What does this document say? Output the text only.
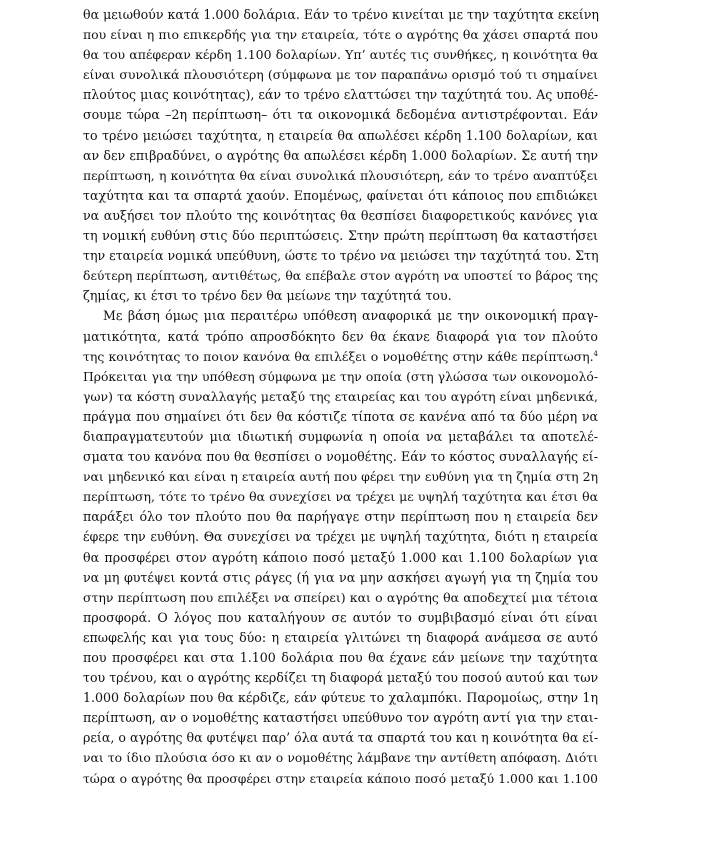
θα μειωθούν κατά 1.000 δολάρια. Εάν το τρένο κινείται με την ταχύτητα εκείνη
που είναι η πιο επικερδής για την εταιρεία, τότε ο αγρότης θα χάσει σπαρτά που
θα του απέφεραν κέρδη 1.100 δολαρίων. Υπ’ αυτές τις συνθήκες, η κοινότητα θα
είναι συνολικά πλουσιότερη (σύμφωνα με τον παραπάνω ορισμό τού τι σημαίνει
πλούτος μιας κοινότητας), εάν το τρένο ελαττώσει την ταχύτητά του. Ας υποθέ-
σουμε τώρα –2η περίπτωση– ότι τα οικονομικά δεδομένα αντιστρέφονται. Εάν
το τρένο μειώσει ταχύτητα, η εταιρεία θα απωλέσει κέρδη 1.100 δολαρίων, και
αν δεν επιβραδύνει, ο αγρότης θα απωλέσει κέρδη 1.000 δολαρίων. Σε αυτή την
περίπτωση, η κοινότητα θα είναι συνολικά πλουσιότερη, εάν το τρένο αναπτύξει
ταχύτητα και τα σπαρτά χαούν. Επομένως, φαίνεται ότι κάποιος που επιδιώκει
να αυξήσει τον πλούτο της κοινότητας θα θεσπίσει διαφορετικούς κανόνες για
τη νομική ευθύνη στις δύο περιπτώσεις. Στην πρώτη περίπτωση θα καταστήσει
την εταιρεία νομικά υπεύθυνη, ώστε το τρένο να μειώσει την ταχύτητά του. Στη
δεύτερη περίπτωση, αντιθέτως, θα επέβαλε στον αγρότη να υποστεί το βάρος της
ζημίας, κι έτσι το τρένο δεν θα μείωνε την ταχύτητά του.
Με βάση όμως μια περαιτέρω υπόθεση αναφορικά με την οικονομική πραγ-
ματικότητα, κατά τρόπο απροσδόκητο δεν θα έκανε διαφορά για τον πλούτο
της κοινότητας το ποιον κανόνα θα επιλέξει ο νομοθέτης στην κάθε περίπτωση.$^4$
Πρόκειται για την υπόθεση σύμφωνα με την οποία (στη γλώσσα των οικονομολό-
γων) τα κόστη συναλλαγής μεταξύ της εταιρείας και του αγρότη είναι μηδενικά,
πράγμα που σημαίνει ότι δεν θα κόστιζε τίποτα σε κανένα από τα δύο μέρη να
διαπραγματευτούν μια ιδιωτική συμφωνία η οποία να μεταβάλει τα αποτελέ-
σματα του κανόνα που θα θεσπίσει ο νομοθέτης. Εάν το κόστος συναλλαγής εί-
ναι μηδενικό και είναι η εταιρεία αυτή που φέρει την ευθύνη για τη ζημία στη 2η
περίπτωση, τότε το τρένο θα συνεχίσει να τρέχει με υψηλή ταχύτητα και έτσι θα
παράξει όλο τον πλούτο που θα παρήγαγε στην περίπτωση που η εταιρεία δεν
έφερε την ευθύνη. Θα συνεχίσει να τρέχει με υψηλή ταχύτητα, διότι η εταιρεία
θα προσφέρει στον αγρότη κάποιο ποσό μεταξύ 1.000 και 1.100 δολαρίων για
να μη φυτέψει κοντά στις ράγες (ή για να μην ασκήσει αγωγή για τη ζημία του
στην περίπτωση που επιλέξει να σπείρει) και ο αγρότης θα αποδεχτεί μια τέτοια
προσφορά. Ο λόγος που καταλήγουν σε αυτόν το συμβιβασμό είναι ότι είναι
επωφελής και για τους δύο: η εταιρεία γλιτώνει τη διαφορά ανάμεσα σε αυτό
που προσφέρει και στα 1.100 δολάρια που θα έχανε εάν μείωνε την ταχύτητα
του τρένου, και ο αγρότης κερδίζει τη διαφορά μεταξύ του ποσού αυτού και των
1.000 δολαρίων που θα κέρδιζε, εάν φύτευε το χαλαμπόκι. Παρομοίως, στην 1η
περίπτωση, αν ο νομοθέτης καταστήσει υπεύθυνο τον αγρότη αντί για την εται-
ρεία, ο αγρότης θα φυτέψει παρ’ όλα αυτά τα σπαρτά του και η κοινότητα θα εί-
ναι το ίδιο πλούσια όσο κι αν ο νομοθέτης λάμβανε την αντίθετη απόφαση. Διότι
τώρα ο αγρότης θα προσφέρει στην εταιρεία κάποιο ποσό μεταξύ 1.000 και 1.100
